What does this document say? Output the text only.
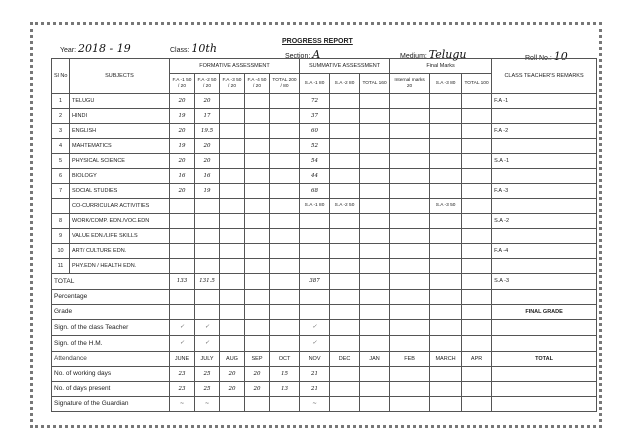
Year: 2018 - 19	Class: 10th
PROGRESS REPORT
Section: A	Medium: Telugu	Roll No.: 10
Sl No	SUBJECTS	FORMATIVE ASSESSMENT					SUMMATIVE ASSESSMENT			Final Marks			CLASS TEACHER'S REMARKS
		F.A -1 50 / 20	F.A -2 50 / 20	F.A -3 50 / 20	F.A -4 50 / 20	TOTAL 200 / 80	S.A -1 80	S.A -2 80	TOTAL 160	Internal marks 20	S.A -3 80	TOTAL 100	
1	TELUGU	20	20				72						F.A -1
2	HINDI	19	17				37						
3	ENGLISH	20	19.5				60						F.A -2
4	MAHTEMATICS	19	20				52						
5	PHYSICAL SCIENCE	20	20				54						S.A -1
6	BIOLOGY	16	16				44						
7	SOCIAL STUDIES	20	19				68						F.A -3
	CO-CURRICULAR ACTIVITIES						S.A -1 80	S.A -2 50			S.A -3 50		
8	WORK/COMP. EDN./VOC.EDN												S.A -2
9	VALUE EDN./LIFE SKILLS												
10	ART/ CULTURE EDN.												F.A -4
11	PHY.EDN / HEALTH EDN.												
TOTAL		133	131.5				387						S.A -3
Percentage													
Grade													FINAL GRADE
Sign. of the class Teacher		✓	✓				✓						
Sign. of the H.M.		✓	✓				✓						
Attendance		JUNE	JULY	AUG	SEP	OCT	NOV	DEC	JAN	FEB	MARCH	APR	TOTAL
No. of working days		23	25	20	20	15	21						
No. of days present		23	25	20	20	13	21						
Signature of the Guardian		~	~				~						
